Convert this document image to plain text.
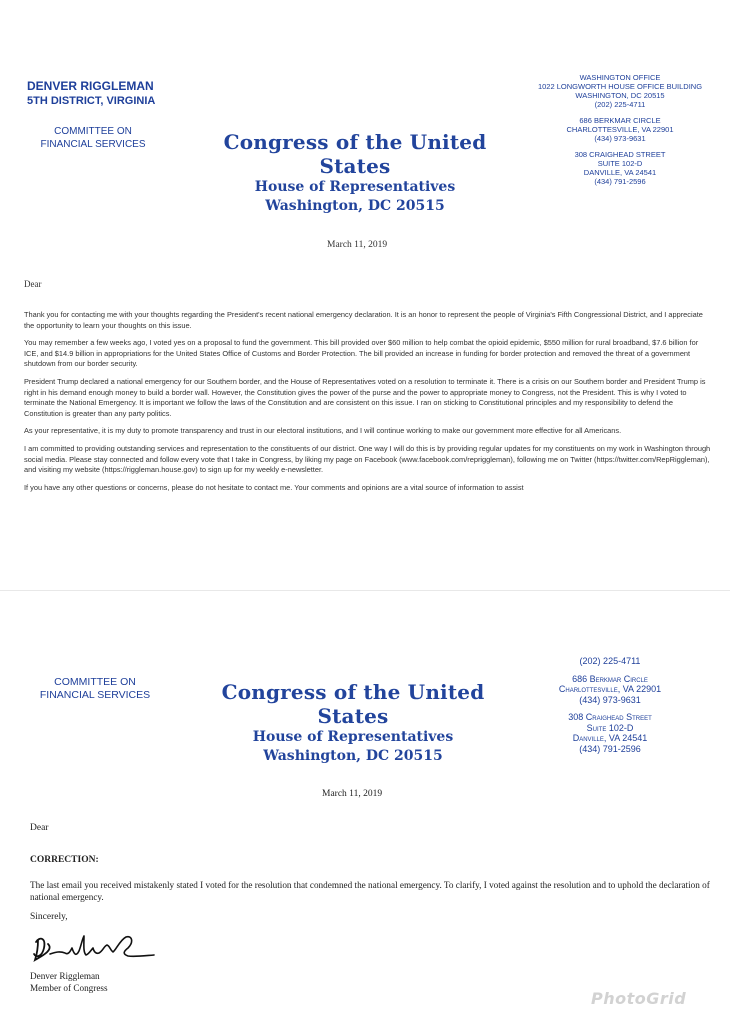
DENVER RIGGLEMAN
5TH DISTRICT, VIRGINIA
COMMITTEE ON
FINANCIAL SERVICES	Congress of the United States
House of Representatives
Washington, DC 20515
WASHINGTON OFFICE
1022 LONGWORTH HOUSE OFFICE BUILDING
WASHINGTON, DC 20515
(202) 225-4711
686 BERKMAR CIRCLE
CHARLOTTESVILLE, VA 22901
(434) 973-9631
308 CRAIGHEAD STREET
SUITE 102-D
DANVILLE, VA 24541
(434) 791-2596
March 11, 2019
Dear

Thank you for contacting me with your thoughts regarding the President's recent national emergency declaration. It is an honor to represent the people of Virginia's Fifth Congressional District, and I appreciate the opportunity to learn your thoughts on this issue.

You may remember a few weeks ago, I voted yes on a proposal to fund the government. This bill provided over $60 million to help combat the opioid epidemic, $550 million for rural broadband, $7.6 billion for ICE, and $14.9 billion in appropriations for the United States Office of Customs and Border Protection. The bill provided an increase in funding for border protection and removed the threat of a government shutdown from our border security.

President Trump declared a national emergency for our Southern border, and the House of Representatives voted on a resolution to terminate it. There is a crisis on our Southern border and President Trump is right in his demand enough money to build a border wall. However, the Constitution gives the power of the purse and the power to appropriate money to Congress, not the President. This is why I voted to terminate the National Emergency. It is important we follow the laws of the Constitution and are consistent on this issue. I ran on sticking to Constitutional principles and my responsibility to defend the Constitution is greater than any party politics.

As your representative, it is my duty to promote transparency and trust in our electoral institutions, and I will continue working to make our government more effective for all Americans.

I am committed to providing outstanding services and representation to the constituents of our district. One way I will do this is by providing regular updates for my constituents on my work in Washington through social media. Please stay connected and follow every vote that I take in Congress, by liking my page on Facebook (www.facebook.com/repriggleman), following me on Twitter (https://twitter.com/RepRiggleman), and visiting my website (https://riggleman.house.gov) to sign up for my weekly e-newsletter.

If you have any other questions or concerns, please do not hesitate to contact me. Your comments and opinions are a vital source of information to assist

COMMITTEE ON
FINANCIAL SERVICES	Congress of the United States
House of Representatives
Washington, DC 20515
(202) 225-4711
686 Berkmar Circle
Charlottesville, VA 22901
(434) 973-9631
308 Craighead Street
Suite 102-D
Danville, VA 24541
(434) 791-2596
March 11, 2019
Dear
CORRECTION:
The last email you received mistakenly stated I voted for the resolution that condemned the national emergency. To clarify, I voted against the resolution and to uphold the declaration of national emergency.
Sincerely,
Denver Riggleman
Member of Congress
PhotoGrid
